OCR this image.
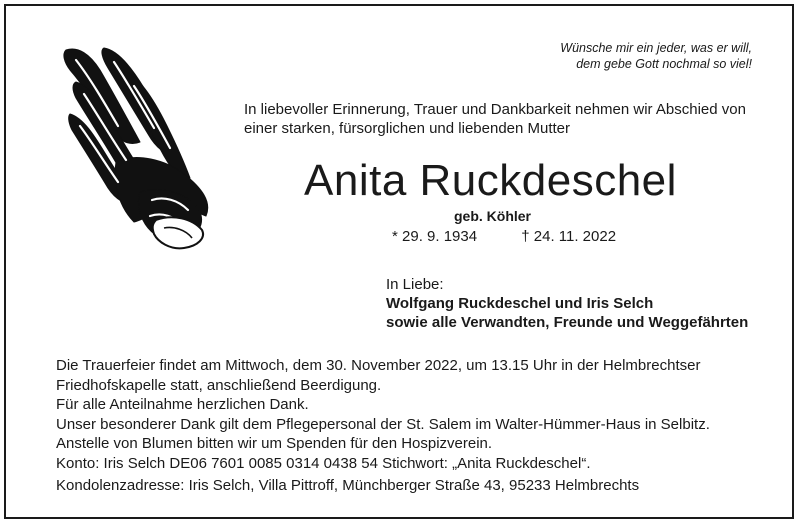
Wünsche mir ein jeder, was er will,
dem gebe Gott nochmal so viel!
In liebevoller Erinnerung, Trauer und Dankbarkeit nehmen wir Abschied von
einer starken, fürsorglichen und liebenden Mutter
Anita Ruckdeschel
geb. Köhler
* 29. 9. 1934	† 24. 11. 2022
In Liebe:
Wolfgang Ruckdeschel und Iris Selch
sowie alle Verwandten, Freunde und Weggefährten
Die Trauerfeier findet am Mittwoch, dem 30. November 2022, um 13.15 Uhr in der Helmbrechtser
Friedhofskapelle statt, anschließend Beerdigung.
Für alle Anteilnahme herzlichen Dank.
Unser besonderer Dank gilt dem Pflegepersonal der St. Salem im Walter-Hümmer-Haus in Selbitz.
Anstelle von Blumen bitten wir um Spenden für den Hospizverein.
Konto: Iris Selch DE06 7601 0085 0314 0438 54 Stichwort: „Anita Ruckdeschel“.
Kondolenzadresse: Iris Selch, Villa Pittroff, Münchberger Straße 43, 95233 Helmbrechts
